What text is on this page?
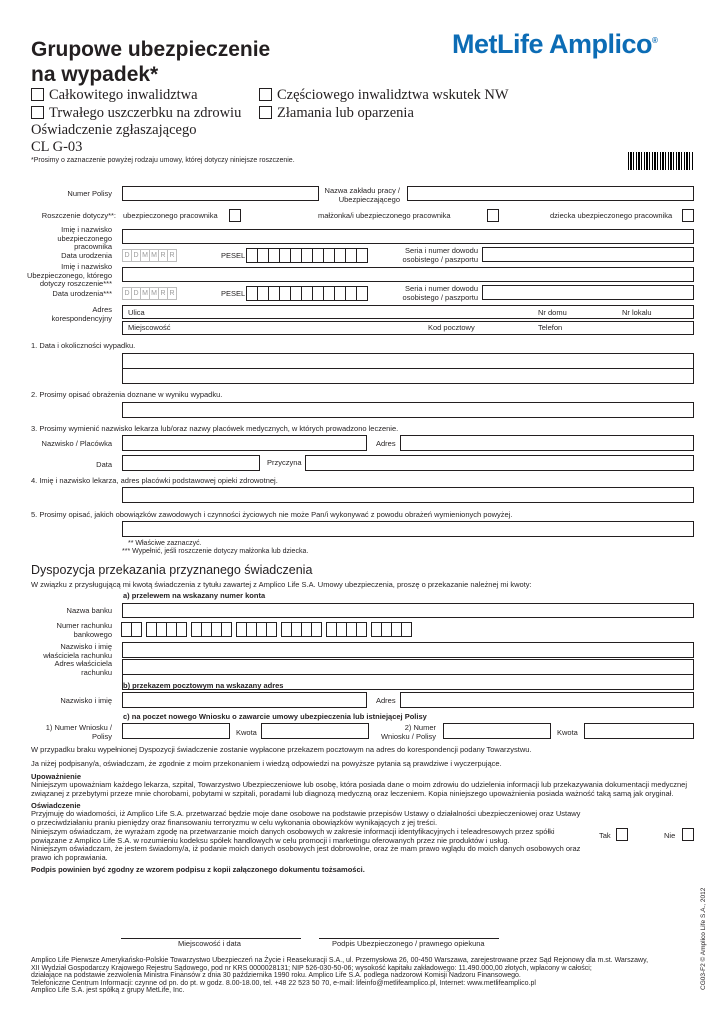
Grupowe ubezpieczenie
na wypadek*
MetLife Amplico®
Całkowitego inwalidztwa	Częściowego inwalidztwa wskutek NW
Trwałego uszczerbku na zdrowiu	Złamania lub oparzenia
Oświadczenie zgłaszającego
CL G-03
*Prosimy o zaznaczenie powyżej rodzaju umowy, której dotyczy niniejsze roszczenie.
Numer Polisy	Nazwa zakładu pracy / Ubezpieczającego
Roszczenie dotyczy**: ubezpieczonego pracownika	małżonka/i ubezpieczonego pracownika	dziecka ubezpieczonego pracownika
Imię i nazwisko ubezpieczonego pracownika
Data urodzenia	D D M M R R	PESEL
Seria i numer dowodu osobistego / paszportu
Imię i nazwisko Ubezpieczonego, którego dotyczy roszczenie***
Data urodzenia***	D D M M R R	PESEL
Seria i numer dowodu osobistego / paszportu
Adres korespondencyjny
Ulica	Nr domu	Nr lokalu
Miejscowość	Kod pocztowy	Telefon
1. Data i okoliczności wypadku.
2. Prosimy opisać obrażenia doznane w wyniku wypadku.
3. Prosimy wymienić nazwisko lekarza lub/oraz nazwy placówek medycznych, w których prowadzono leczenie.
Nazwisko / Placówka	Adres
Data	Przyczyna
4. Imię i nazwisko lekarza, adres placówki podstawowej opieki zdrowotnej.
5. Prosimy opisać, jakich obowiązków zawodowych i czynności życiowych nie może Pan/i wykonywać z powodu obrażeń wymienionych powyżej.
** Właściwe zaznaczyć.
*** Wypełnić, jeśli roszczenie dotyczy małżonka lub dziecka.
Dyspozycja przekazania przyznanego świadczenia
W związku z przysługującą mi kwotą świadczenia z tytułu zawartej z Amplico Life S.A. Umowy ubezpieczenia, proszę o przekazanie należnej mi kwoty:
a) przelewem na wskazany numer konta
Nazwa banku
Numer rachunku bankowego
Nazwisko i imię właściciela rachunku
Adres właściciela rachunku
b) przekazem pocztowym na wskazany adres
Nazwisko i imię	Adres
c) na poczet nowego Wniosku o zawarcie umowy ubezpieczenia lub istniejącej Polisy
1) Numer Wniosku / Polisy	Kwota
2) Numer Wniosku / Polisy	Kwota
W przypadku braku wypełnionej Dyspozycji świadczenie zostanie wypłacone przekazem pocztowym na adres do korespondencji podany Towarzystwu.
Ja niżej podpisany/a, oświadczam, że zgodnie z moim przekonaniem i wiedzą odpowiedzi na powyższe pytania są prawdziwe i wyczerpujące.
Upoważnienie
Niniejszym upoważniam każdego lekarza, szpital, Towarzystwo Ubezpieczeniowe lub osobę, która posiada dane o moim zdrowiu do udzielenia informacji lub przekazywania dokumentacji medycznej związanej z przebytymi przeze mnie chorobami, pobytami w szpitali, poradami lub diagnozą medyczną oraz leczeniem. Kopia niniejszego upoważnienia posiada ważność taką samą jak oryginał.
Oświadczenie
Przyjmuję do wiadomości, iż Amplico Life S.A. przetwarzać będzie moje dane osobowe na podstawie przepisów Ustawy o działalności ubezpieczeniowej oraz Ustawy o przeciwdziałaniu praniu pieniędzy oraz finansowaniu terroryzmu w celu wykonania obowiązków wynikających z jej treści.
Niniejszym oświadczam, że wyrażam zgodę na przetwarzanie moich danych osobowych w zakresie informacji identyfikacyjnych i teleadresowych przez spółki powiązane z Amplico Life S.A. w rozumieniu kodeksu spółek handlowych w celu promocji i marketingu oferowanych przez nie produktów i usług.
Niniejszym oświadczam, że jestem świadomy/a, iż podanie moich danych osobowych jest dobrowolne, oraz że mam prawo wglądu do moich danych osobowych oraz prawo ich poprawiania.
Tak	Nie
Podpis powinien być zgodny ze wzorem podpisu z kopii załączonego dokumentu tożsamości.
Miejscowość i data	Podpis Ubezpieczonego / prawnego opiekuna
Amplico Life Pierwsze Amerykańsko-Polskie Towarzystwo Ubezpieczeń na Życie i Reasekuracji S.A., ul. Przemysłowa 26, 00-450 Warszawa, zarejestrowane przez Sąd Rejonowy dla m.st. Warszawy,
XII Wydział Gospodarczy Krajowego Rejestru Sądowego, pod nr KRS 0000028131; NIP 526-030-50-06; wysokość kapitału zakładowego: 11.490.000,00 złotych, wpłacony w całości;
działające na podstawie zezwolenia Ministra Finansów z dnia 30 października 1990 roku. Amplico Life S.A. podlega nadzorowi Komisji Nadzoru Finansowego.
Telefoniczne Centrum Informacji: czynne od pn. do pt. w godz. 8.00-18.00, tel. +48 22 523 50 70, e-mail: lifeinfo@metlifeamplico.pl, Internet: www.metlifeamplico.pl
Amplico Life S.A. jest spółką z grupy MetLife, Inc.
CG03-F2 © Amplico Life S.A., 2012
